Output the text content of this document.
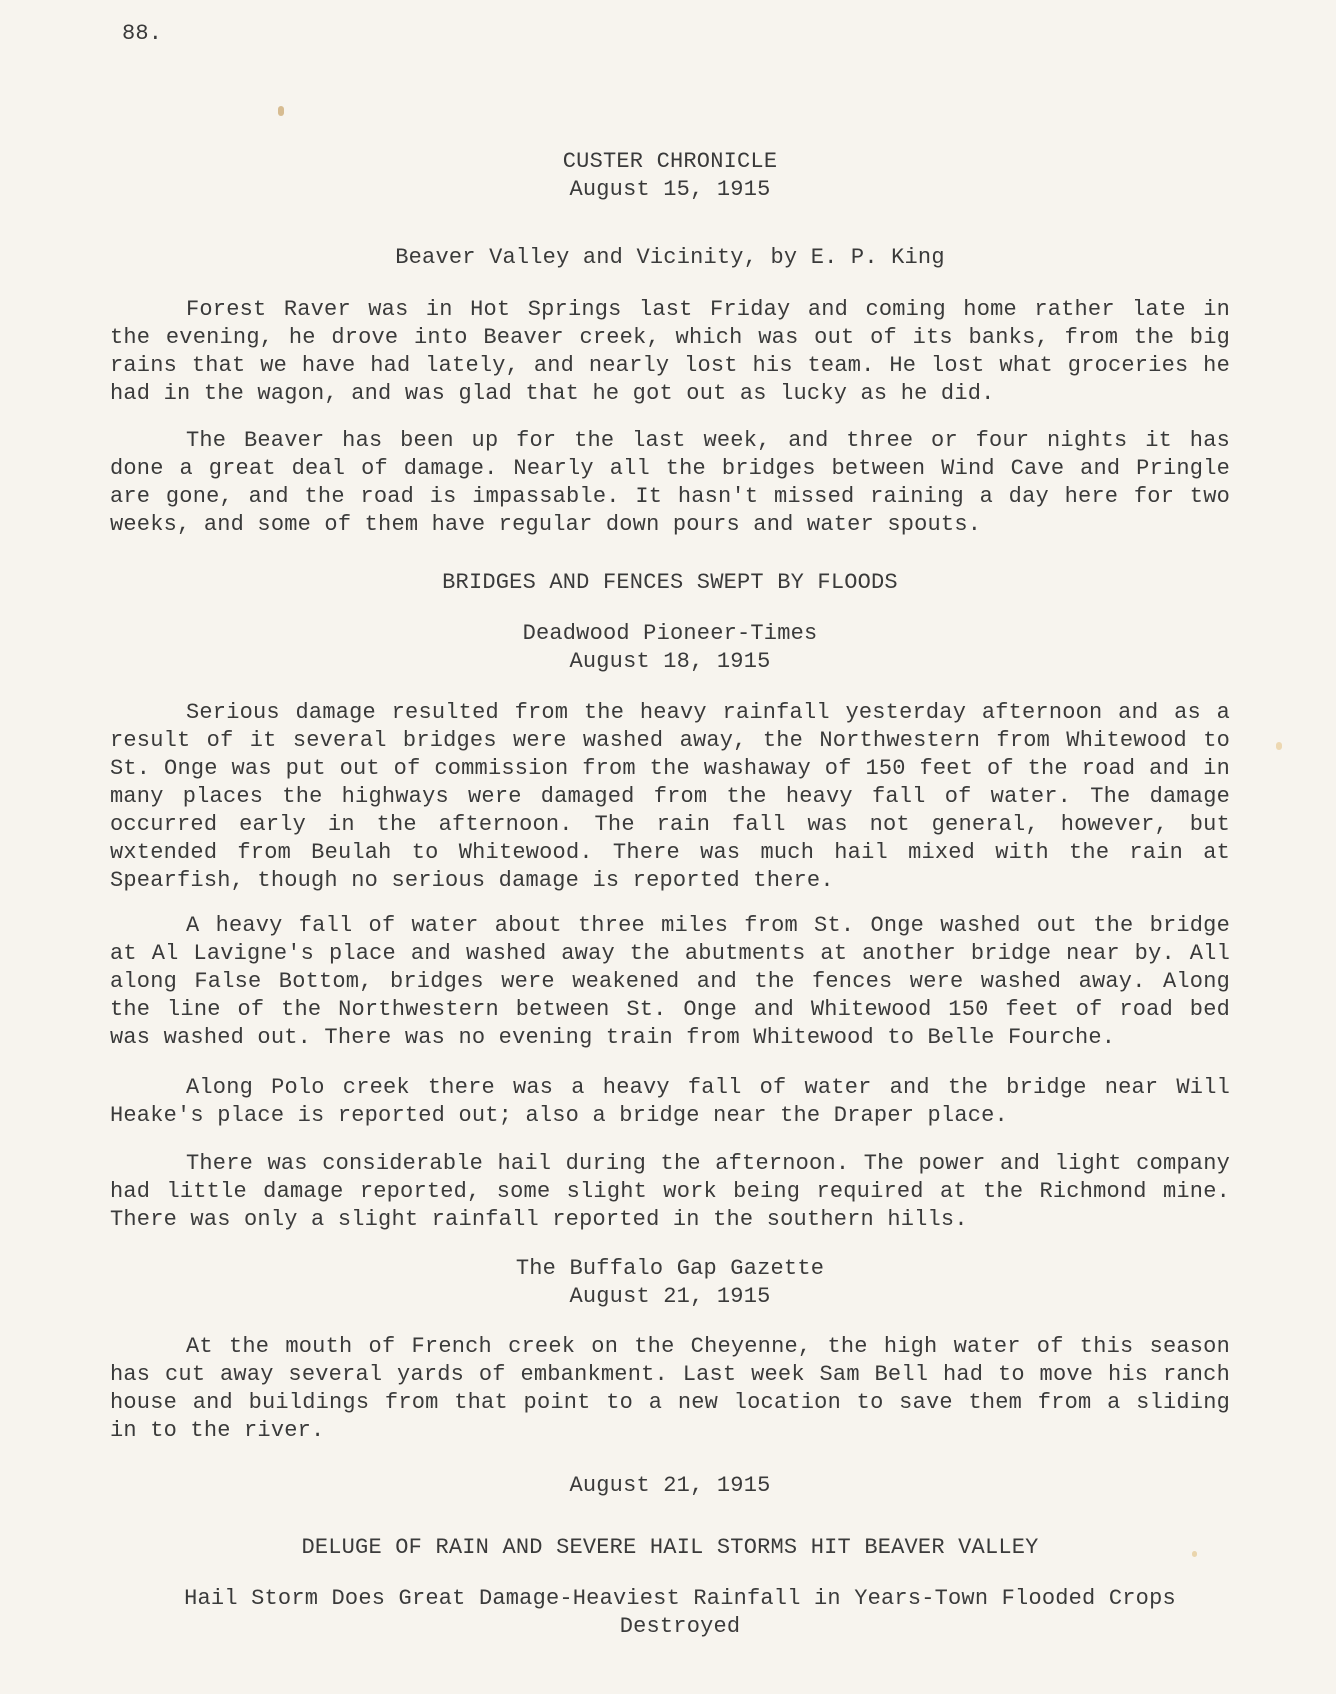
88.

CUSTER CHRONICLE

August 15, 1915

Beaver Valley and Vicinity, by E. P. King

Forest Raver was in Hot Springs last Friday and coming home rather late in the evening, he drove into Beaver creek, which was out of its banks, from the big rains that we have had lately, and nearly lost his team. He lost what groceries he had in the wagon, and was glad that he got out as lucky as he did.

The Beaver has been up for the last week, and three or four nights it has done a great deal of damage. Nearly all the bridges between Wind Cave and Pringle are gone, and the road is impassable. It hasn't missed raining a day here for two weeks, and some of them have regular down pours and water spouts.

BRIDGES AND FENCES SWEPT BY FLOODS

Deadwood Pioneer-Times

August 18, 1915

Serious damage resulted from the heavy rainfall yesterday afternoon and as a result of it several bridges were washed away, the Northwestern from Whitewood to St. Onge was put out of commission from the washaway of 150 feet of the road and in many places the highways were damaged from the heavy fall of water. The damage occurred early in the afternoon. The rain fall was not general, however, but wxtended from Beulah to Whitewood. There was much hail mixed with the rain at Spearfish, though no serious damage is reported there.

A heavy fall of water about three miles from St. Onge washed out the bridge at Al Lavigne's place and washed away the abutments at another bridge near by. All along False Bottom, bridges were weakened and the fences were washed away. Along the line of the Northwestern between St. Onge and Whitewood 150 feet of road bed was washed out. There was no evening train from Whitewood to Belle Fourche.

Along Polo creek there was a heavy fall of water and the bridge near Will Heake's place is reported out; also a bridge near the Draper place.

There was considerable hail during the afternoon. The power and light company had little damage reported, some slight work being required at the Richmond mine. There was only a slight rainfall reported in the southern hills.

The Buffalo Gap Gazette

August 21, 1915

At the mouth of French creek on the Cheyenne, the high water of this season has cut away several yards of embankment. Last week Sam Bell had to move his ranch house and buildings from that point to a new location to save them from a sliding in to the river.

August 21, 1915

DELUGE OF RAIN AND SEVERE HAIL STORMS HIT BEAVER VALLEY

Hail Storm Does Great Damage-Heaviest Rainfall in Years-Town Flooded Crops Destroyed
